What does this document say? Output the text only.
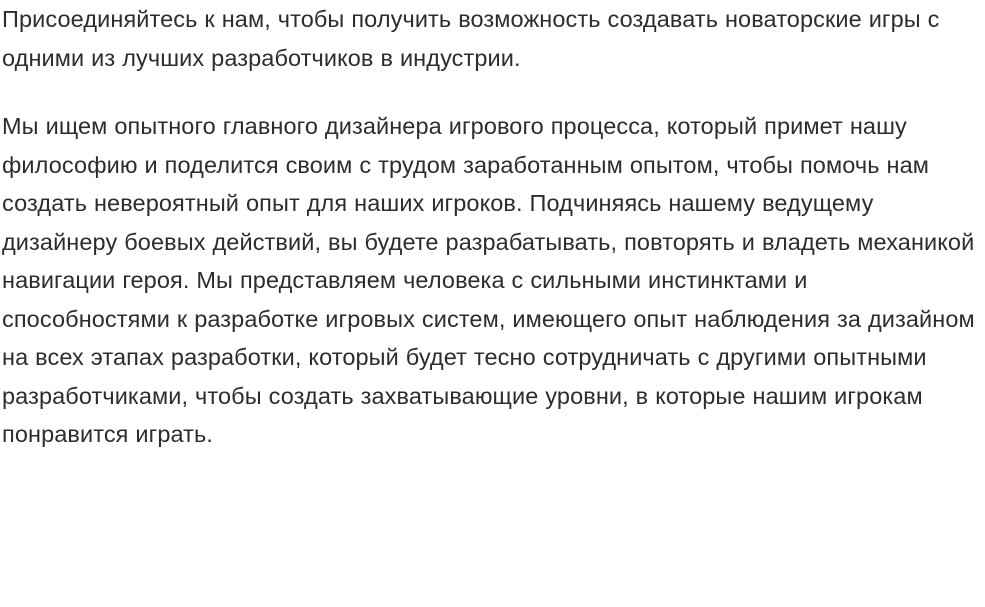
Присоединяйтесь к нам, чтобы получить возможность создавать новаторские игры с одними из лучших разработчиков в индустрии.

Мы ищем опытного главного дизайнера игрового процесса, который примет нашу философию и поделится своим с трудом заработанным опытом, чтобы помочь нам создать невероятный опыт для наших игроков. Подчиняясь нашему ведущему дизайнеру боевых действий, вы будете разрабатывать, повторять и владеть механикой навигации героя. Мы представляем человека с сильными инстинктами и способностями к разработке игровых систем, имеющего опыт наблюдения за дизайном на всех этапах разработки, который будет тесно сотрудничать с другими опытными разработчиками, чтобы создать захватывающие уровни, в которые нашим игрокам понравится играть.
